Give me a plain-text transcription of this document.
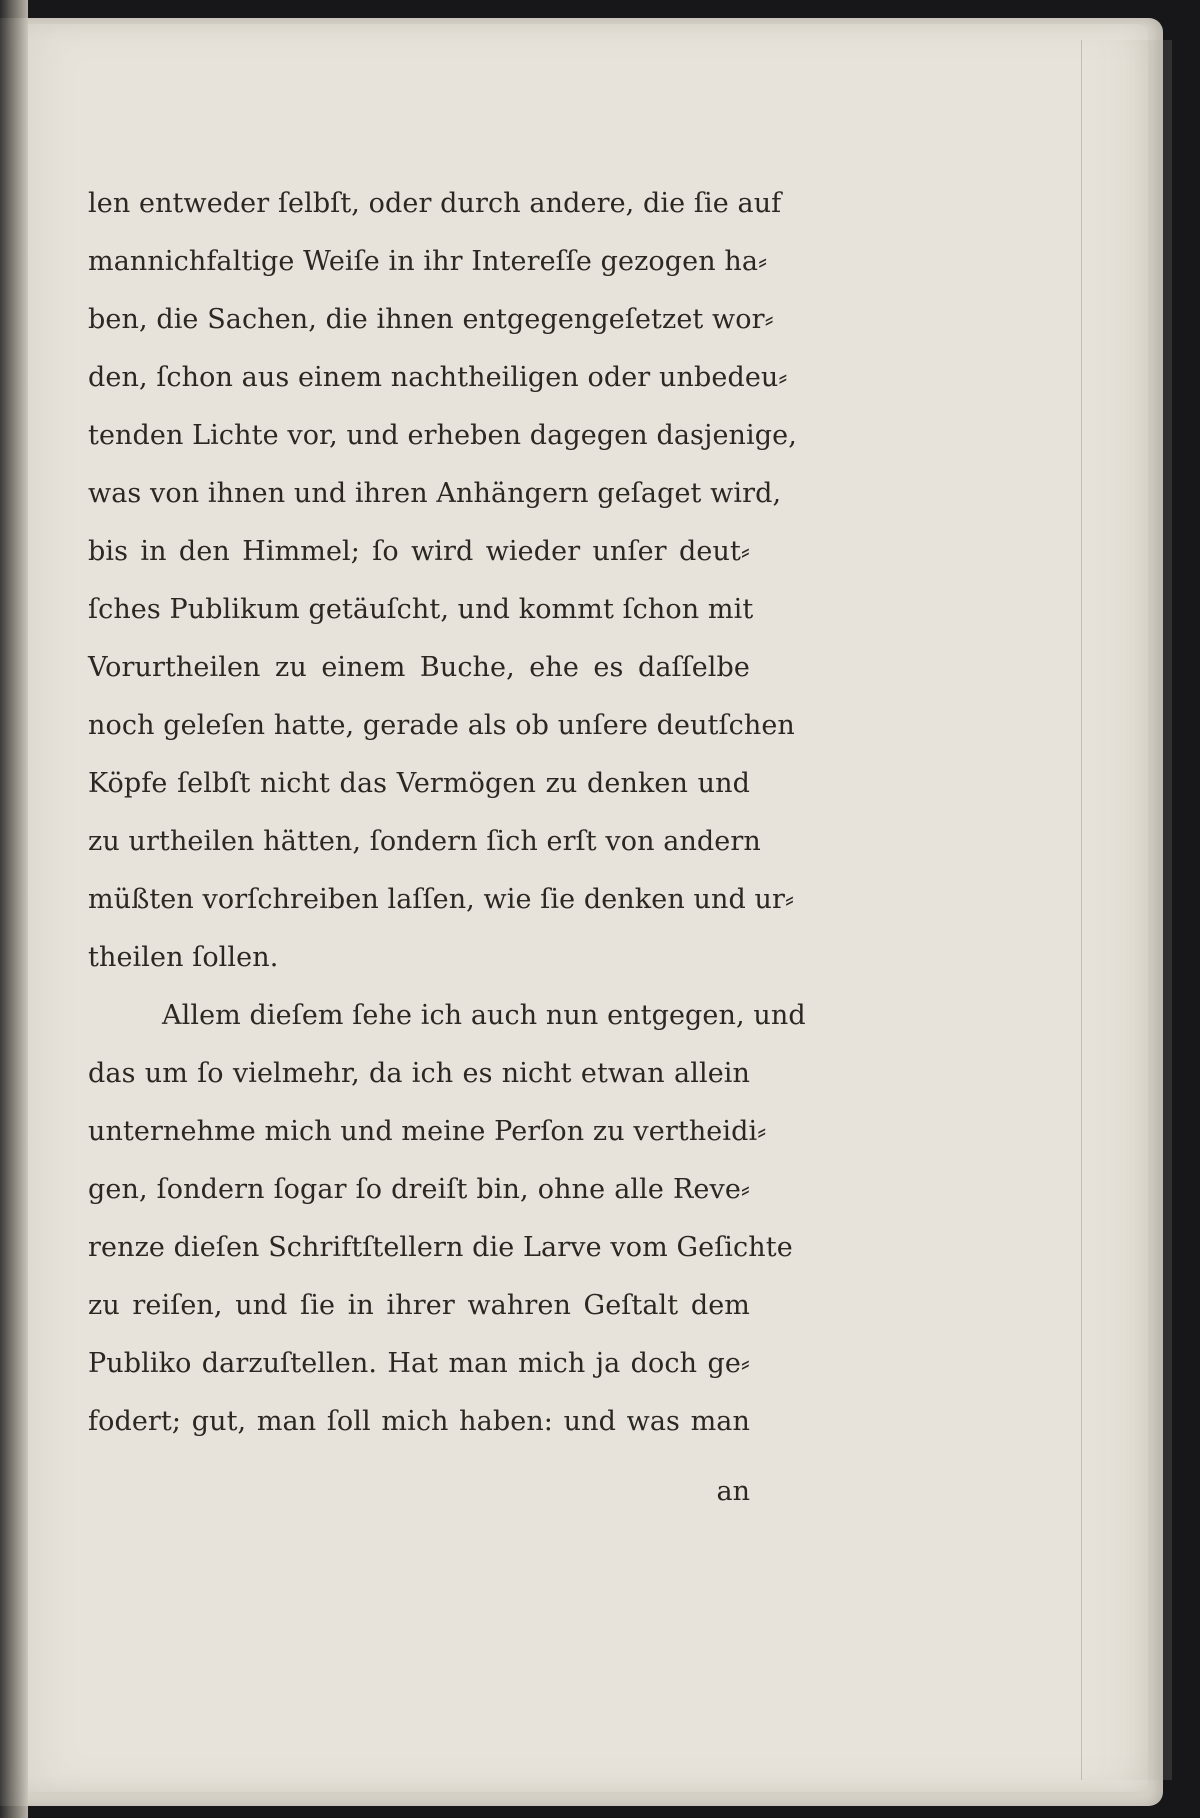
len entweder ſelbſt, oder durch andere, die ſie auf
mannichfaltige Weiſe in ihr Intereſſe gezogen ha⸗
ben, die Sachen, die ihnen entgegengeſetzet wor⸗
den, ſchon aus einem nachtheiligen oder unbedeu⸗
tenden Lichte vor, und erheben dagegen dasjenige,
was von ihnen und ihren Anhängern geſaget wird,
bis in den Himmel; ſo wird wieder unſer deut⸗
ſches Publikum getäuſcht, und kommt ſchon mit
Vorurtheilen zu einem Buche, ehe es daſſelbe
noch geleſen hatte, gerade als ob unſere deutſchen
Köpfe ſelbſt nicht das Vermögen zu denken und
zu urtheilen hätten, ſondern ſich erſt von andern
müßten vorſchreiben laſſen, wie ſie denken und ur⸗
theilen ſollen.
Allem dieſem ſehe ich auch nun entgegen, und
das um ſo vielmehr, da ich es nicht etwan allein
unternehme mich und meine Perſon zu vertheidi⸗
gen, ſondern ſogar ſo dreiſt bin, ohne alle Reve⸗
renze dieſen Schriftſtellern die Larve vom Geſichte
zu reiſen, und ſie in ihrer wahren Geſtalt dem
Publiko darzuſtellen. Hat man mich ja doch ge⸗
fodert; gut, man ſoll mich haben: und was man
an
